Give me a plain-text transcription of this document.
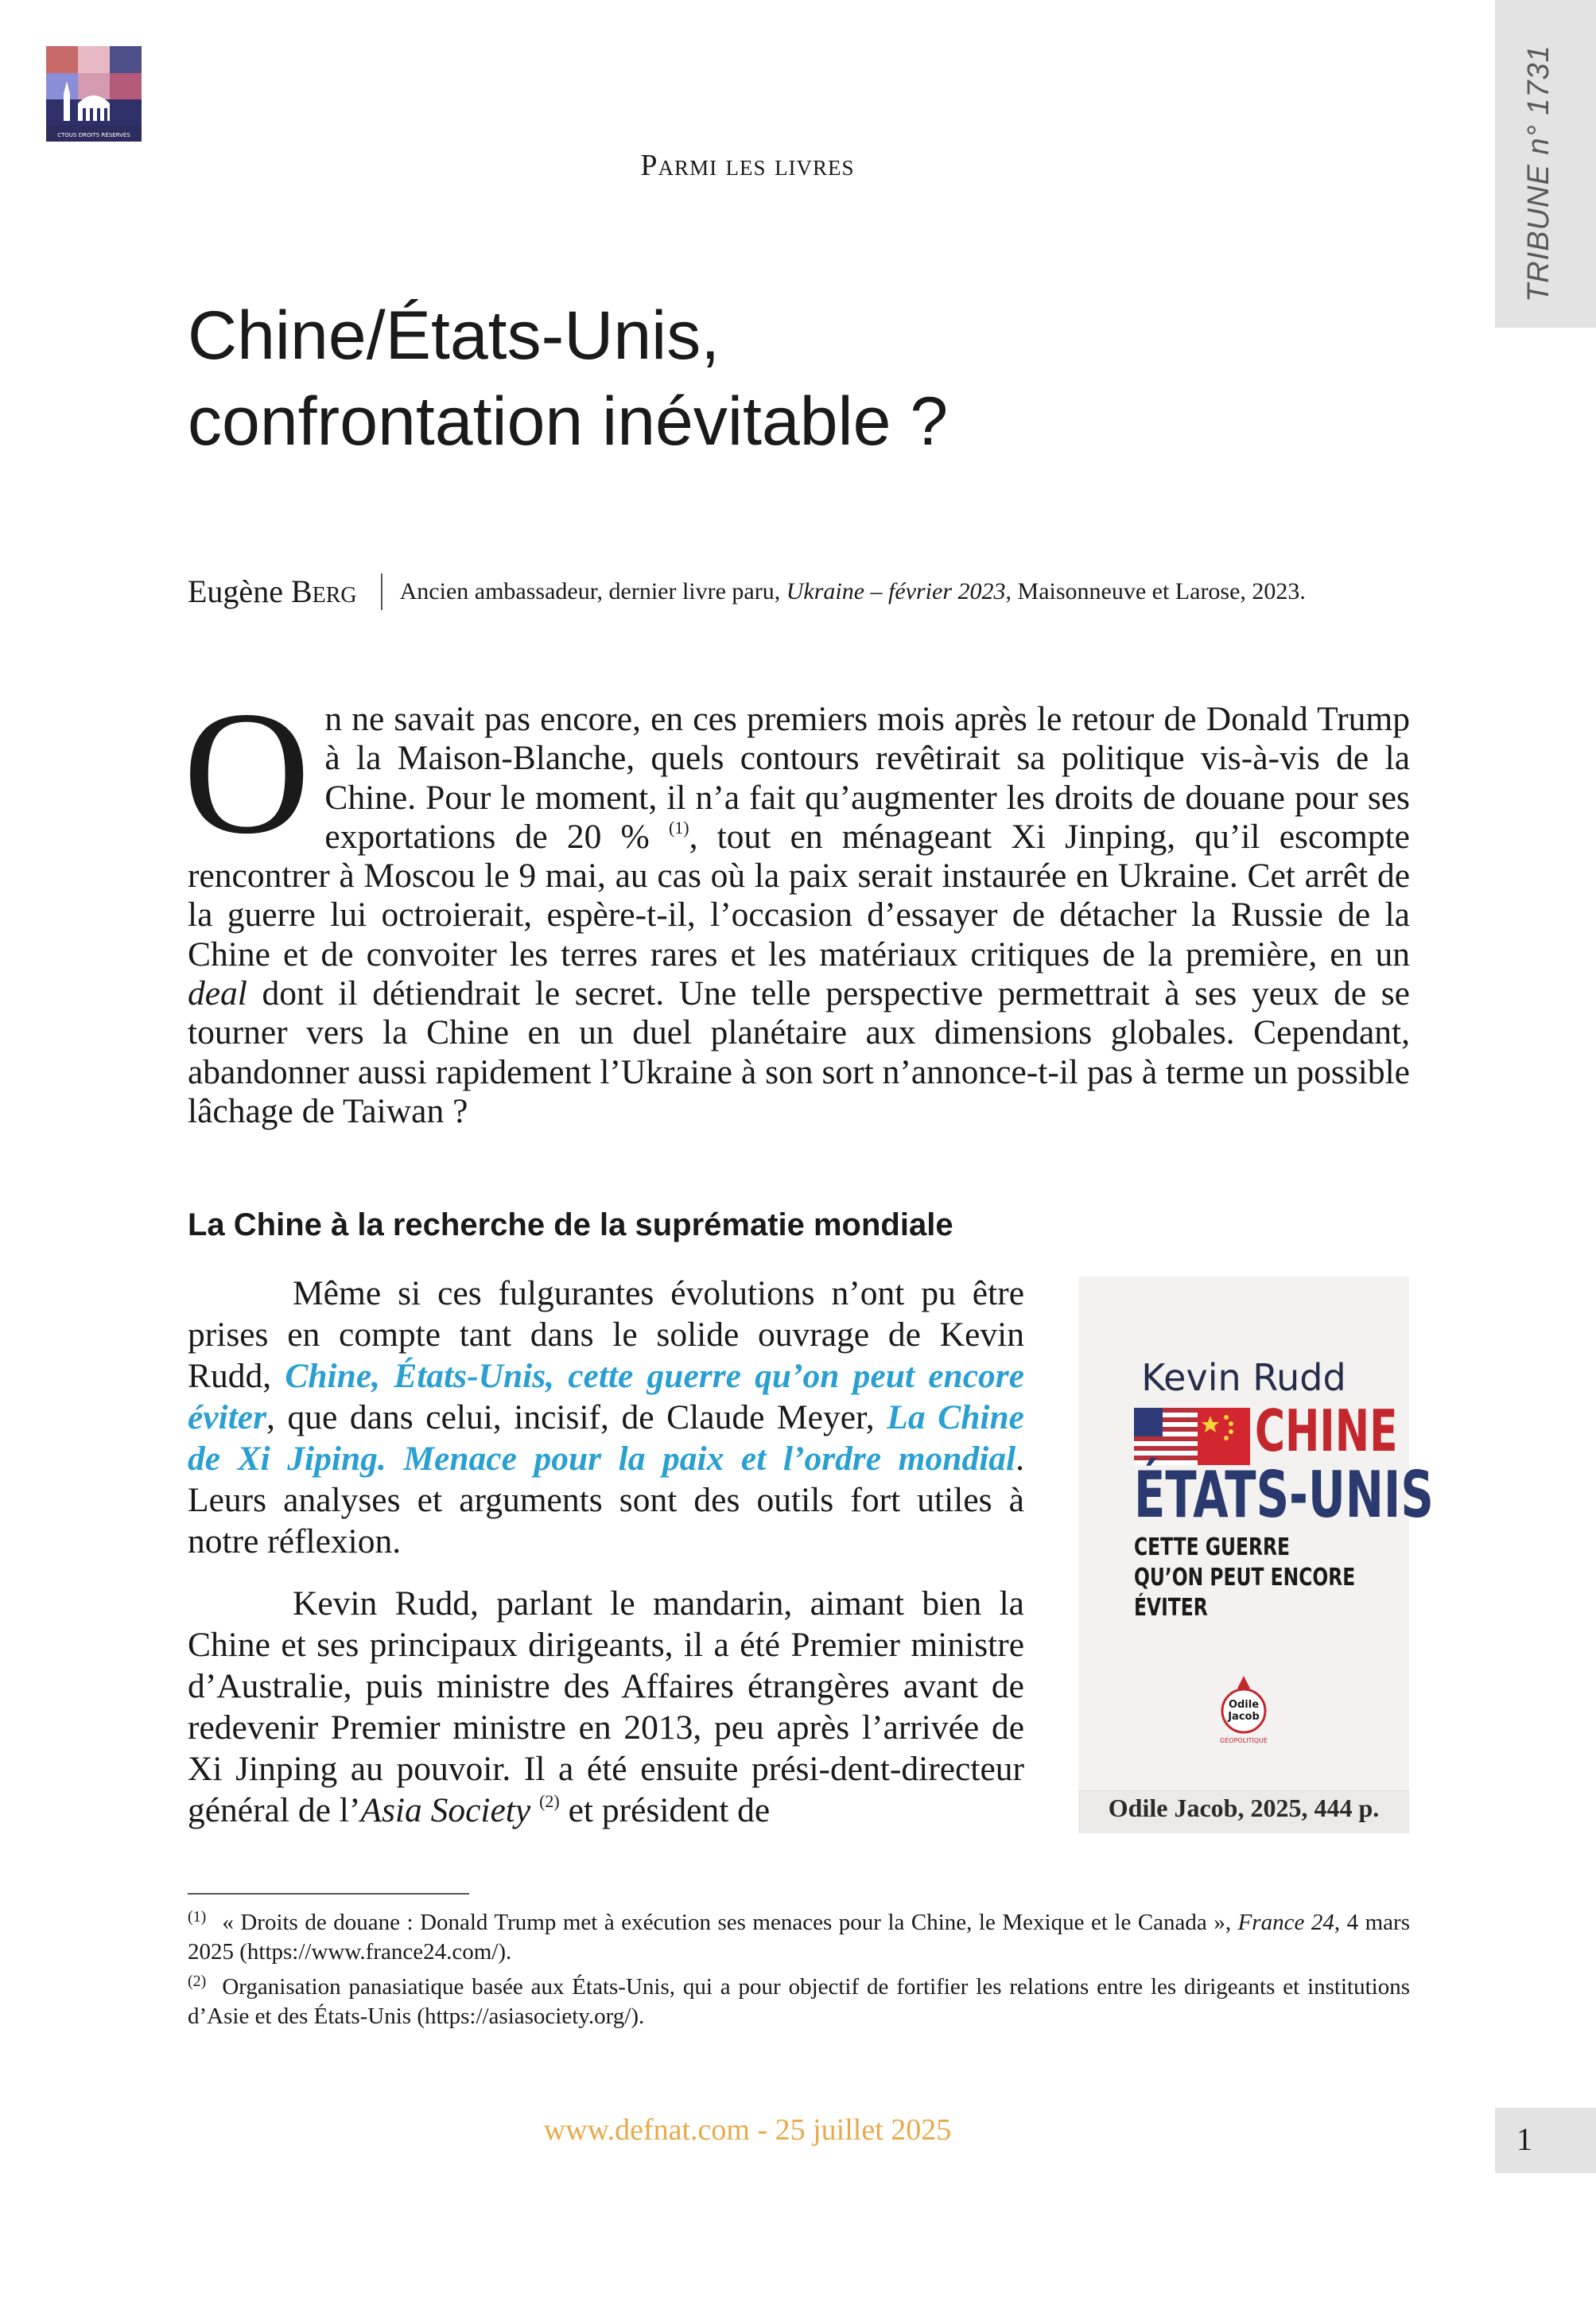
CTOUS DROITS RÉSERVÉS	TRIBUNE n° 1731
Parmi les livres
Chine/États-Unis,
confrontation inévitable ?
Eugène Berg Ancien ambassadeur, dernier livre paru, Ukraine – février 2023, Maisonneuve et Larose, 2023.
On ne savait pas encore, en ces premiers mois après le retour de Donald Trump à la Maison-Blanche, quels contours revêtirait sa politique vis-à-vis de la Chine. Pour le moment, il n’a fait qu’augmenter les droits de douane pour ses exportations de 20 % $^{(1)}$, tout en ménageant Xi Jinping, qu’il escompte rencontrer à Moscou le 9 mai, au cas où la paix serait instaurée en Ukraine. Cet arrêt de la guerre lui octroierait, espère-t-il, l’occasion d’essayer de détacher la Russie de la Chine et de convoiter les terres rares et les matériaux critiques de la première, en un deal dont il détiendrait le secret. Une telle perspective permettrait à ses yeux de se tourner vers la Chine en un duel planétaire aux dimensions globales. Cependant, abandonner aussi rapidement l’Ukraine à son sort n’annonce-t-il pas à terme un possible lâchage de Taiwan ?
La Chine à la recherche de la suprématie mondiale

Même si ces fulgurantes évolutions n’ont pu être prises en compte tant dans le solide ouvrage de Kevin Rudd, Chine, États-Unis, cette guerre qu’on peut encore éviter, que dans celui, incisif, de Claude Meyer, La Chine de Xi Jiping. Menace pour la paix et l’ordre mondial. Leurs analyses et arguments sont des outils fort utiles à notre réflexion.

Kevin Rudd, parlant le mandarin, aimant bien la Chine et ses principaux dirigeants, il a été Premier ministre d’Australie, puis ministre des Affaires étrangères avant de redevenir Premier ministre en 2013, peu après l’arrivée de Xi Jinping au pouvoir. Il a été ensuite prési-dent-directeur général de l’Asia Society $^{(2)}$ et président de

Kevin Rudd
CHINE
ÉTATS-UNIS
CETTE GUERRE
QU’ON PEUT ENCORE ÉVITER
Odile
Jacob
GÉOPOLITIQUE
Odile Jacob, 2025, 444 p.

$^{(1)}$ « Droits de douane : Donald Trump met à exécution ses menaces pour la Chine, le Mexique et le Canada », France 24, 4 mars 2025 (https://www.france24.com/).

$^{(2)}$ Organisation panasiatique basée aux États-Unis, qui a pour objectif de fortifier les relations entre les dirigeants et institutions d’Asie et des États-Unis (https://asiasociety.org/).

www.defnat.com - 25 juillet 2025	1
